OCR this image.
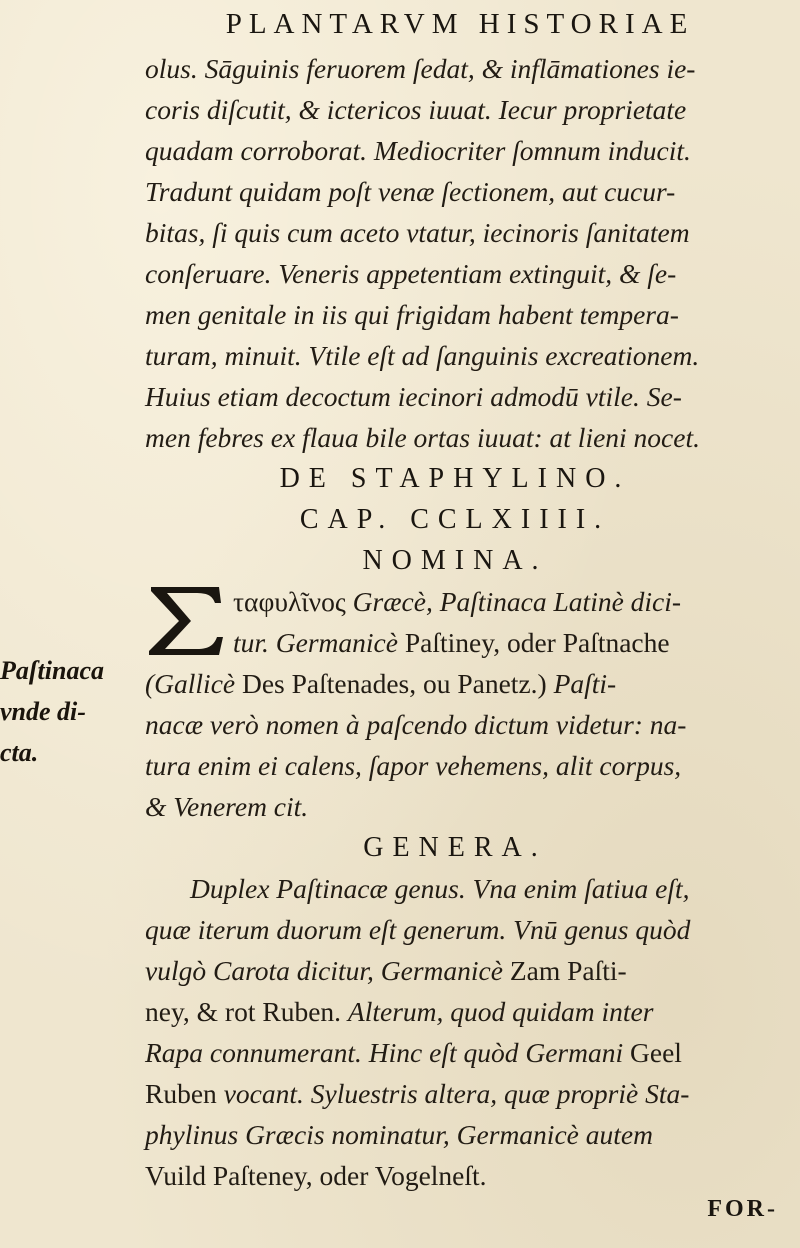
PLANTARVM HISTORIAE
olus. Sāguinis feruorem ſedat, & inflāmationes ie-
coris diſcutit, & ictericos iuuat. Iecur proprietate
quadam corroborat. Mediocriter ſomnum inducit.
Tradunt quidam poſt venæ ſectionem, aut cucur-
bitas, ſi quis cum aceto vtatur, iecinoris ſanitatem
conſeruare. Veneris appetentiam extinguit, & ſe-
men genitale in iis qui frigidam habent tempera-
turam, minuit. Vtile eſt ad ſanguinis excreationem.
Huius etiam decoctum iecinori admodū vtile. Se-
men febres ex flaua bile ortas iuuat: at lieni nocet.
DE STAPHYLINO.
CAP. CCLXIIII.
NOMINA.
Σ
ταφυλῖνος Græcè, Paſtinaca Latinè dici-
tur. Germanicè Paſtiney, oder Paſtnache
(Gallicè Des Paſtenades, ou Panetz.) Paſti-
nacæ verò nomen à paſcendo dictum videtur: na-
tura enim ei calens, ſapor vehemens, alit corpus,
& Venerem cit.
GENERA.
Duplex Paſtinacæ genus. Vna enim ſatiua eſt,
quæ iterum duorum eſt generum. Vnū genus quòd
vulgò Carota dicitur, Germanicè Zam Paſti-
ney, & rot Ruben. Alterum, quod quidam inter
Rapa connumerant. Hinc eſt quòd Germani Geel
Ruben vocant. Syluestris altera, quæ propriè Sta-
phylinus Græcis nominatur, Germanicè autem
Vuild Paſteney, oder Vogelneſt.
Paſtinaca
vnde di-
cta.
FOR-
